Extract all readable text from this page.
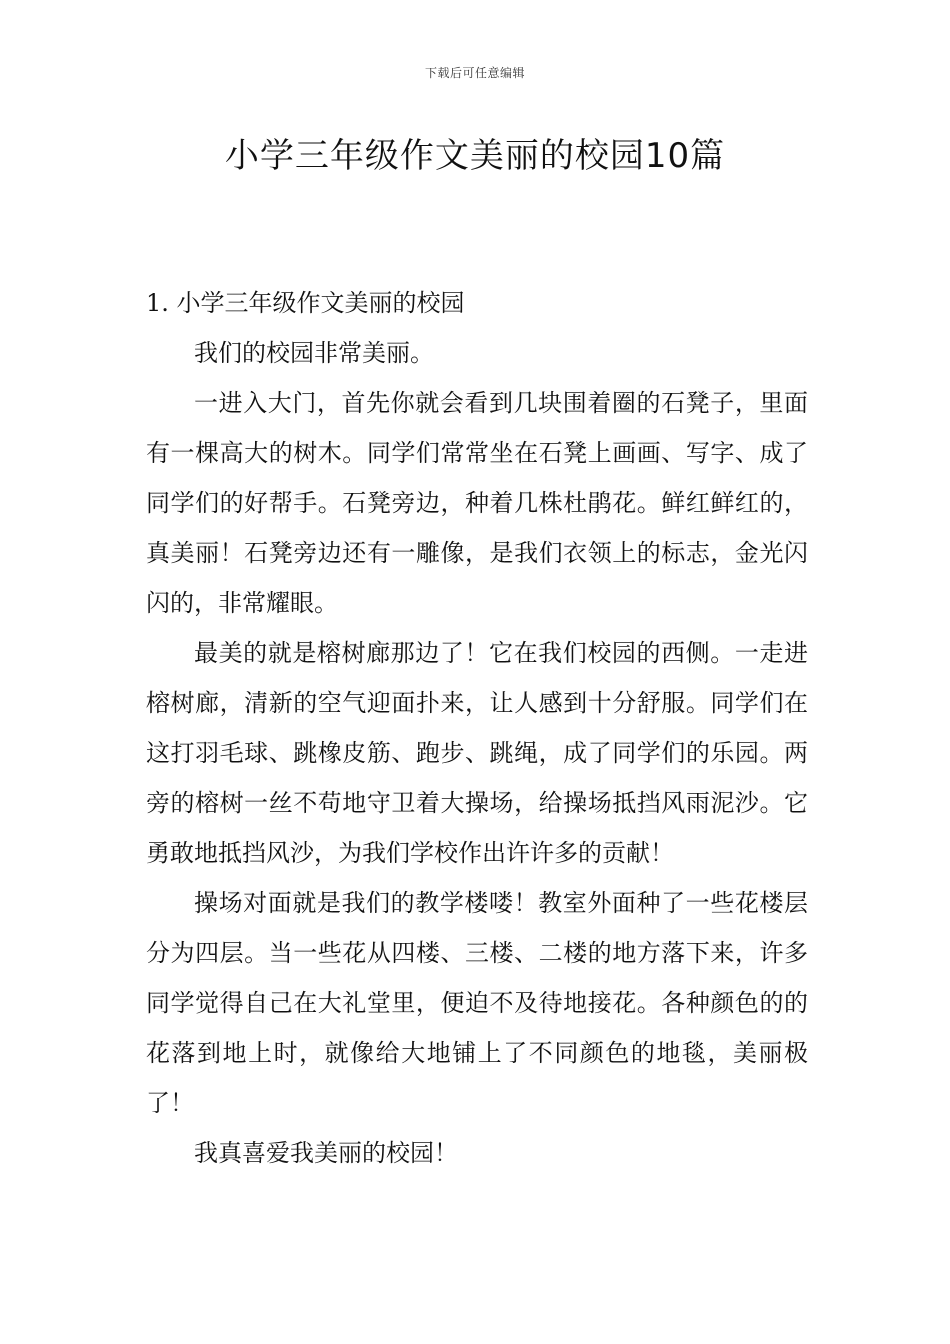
下载后可任意编辑
小学三年级作文美丽的校园10篇
1. 小学三年级作文美丽的校园

我们的校园非常美丽。

一进入大门，首先你就会看到几块围着圈的石凳子，里面有一棵高大的树木。同学们常常坐在石凳上画画、写字、成了同学们的好帮手。石凳旁边，种着几株杜鹃花。鲜红鲜红的，真美丽！石凳旁边还有一雕像，是我们衣领上的标志，金光闪闪的，非常耀眼。

最美的就是榕树廊那边了！它在我们校园的西侧。一走进榕树廊，清新的空气迎面扑来，让人感到十分舒服。同学们在这打羽毛球、跳橡皮筋、跑步、跳绳，成了同学们的乐园。两旁的榕树一丝不苟地守卫着大操场，给操场抵挡风雨泥沙。它勇敢地抵挡风沙，为我们学校作出许许多的贡献！

操场对面就是我们的教学楼喽！教室外面种了一些花楼层分为四层。当一些花从四楼、三楼、二楼的地方落下来，许多同学觉得自己在大礼堂里，便迫不及待地接花。各种颜色的的花落到地上时，就像给大地铺上了不同颜色的地毯，美丽极了！

我真喜爱我美丽的校园！
